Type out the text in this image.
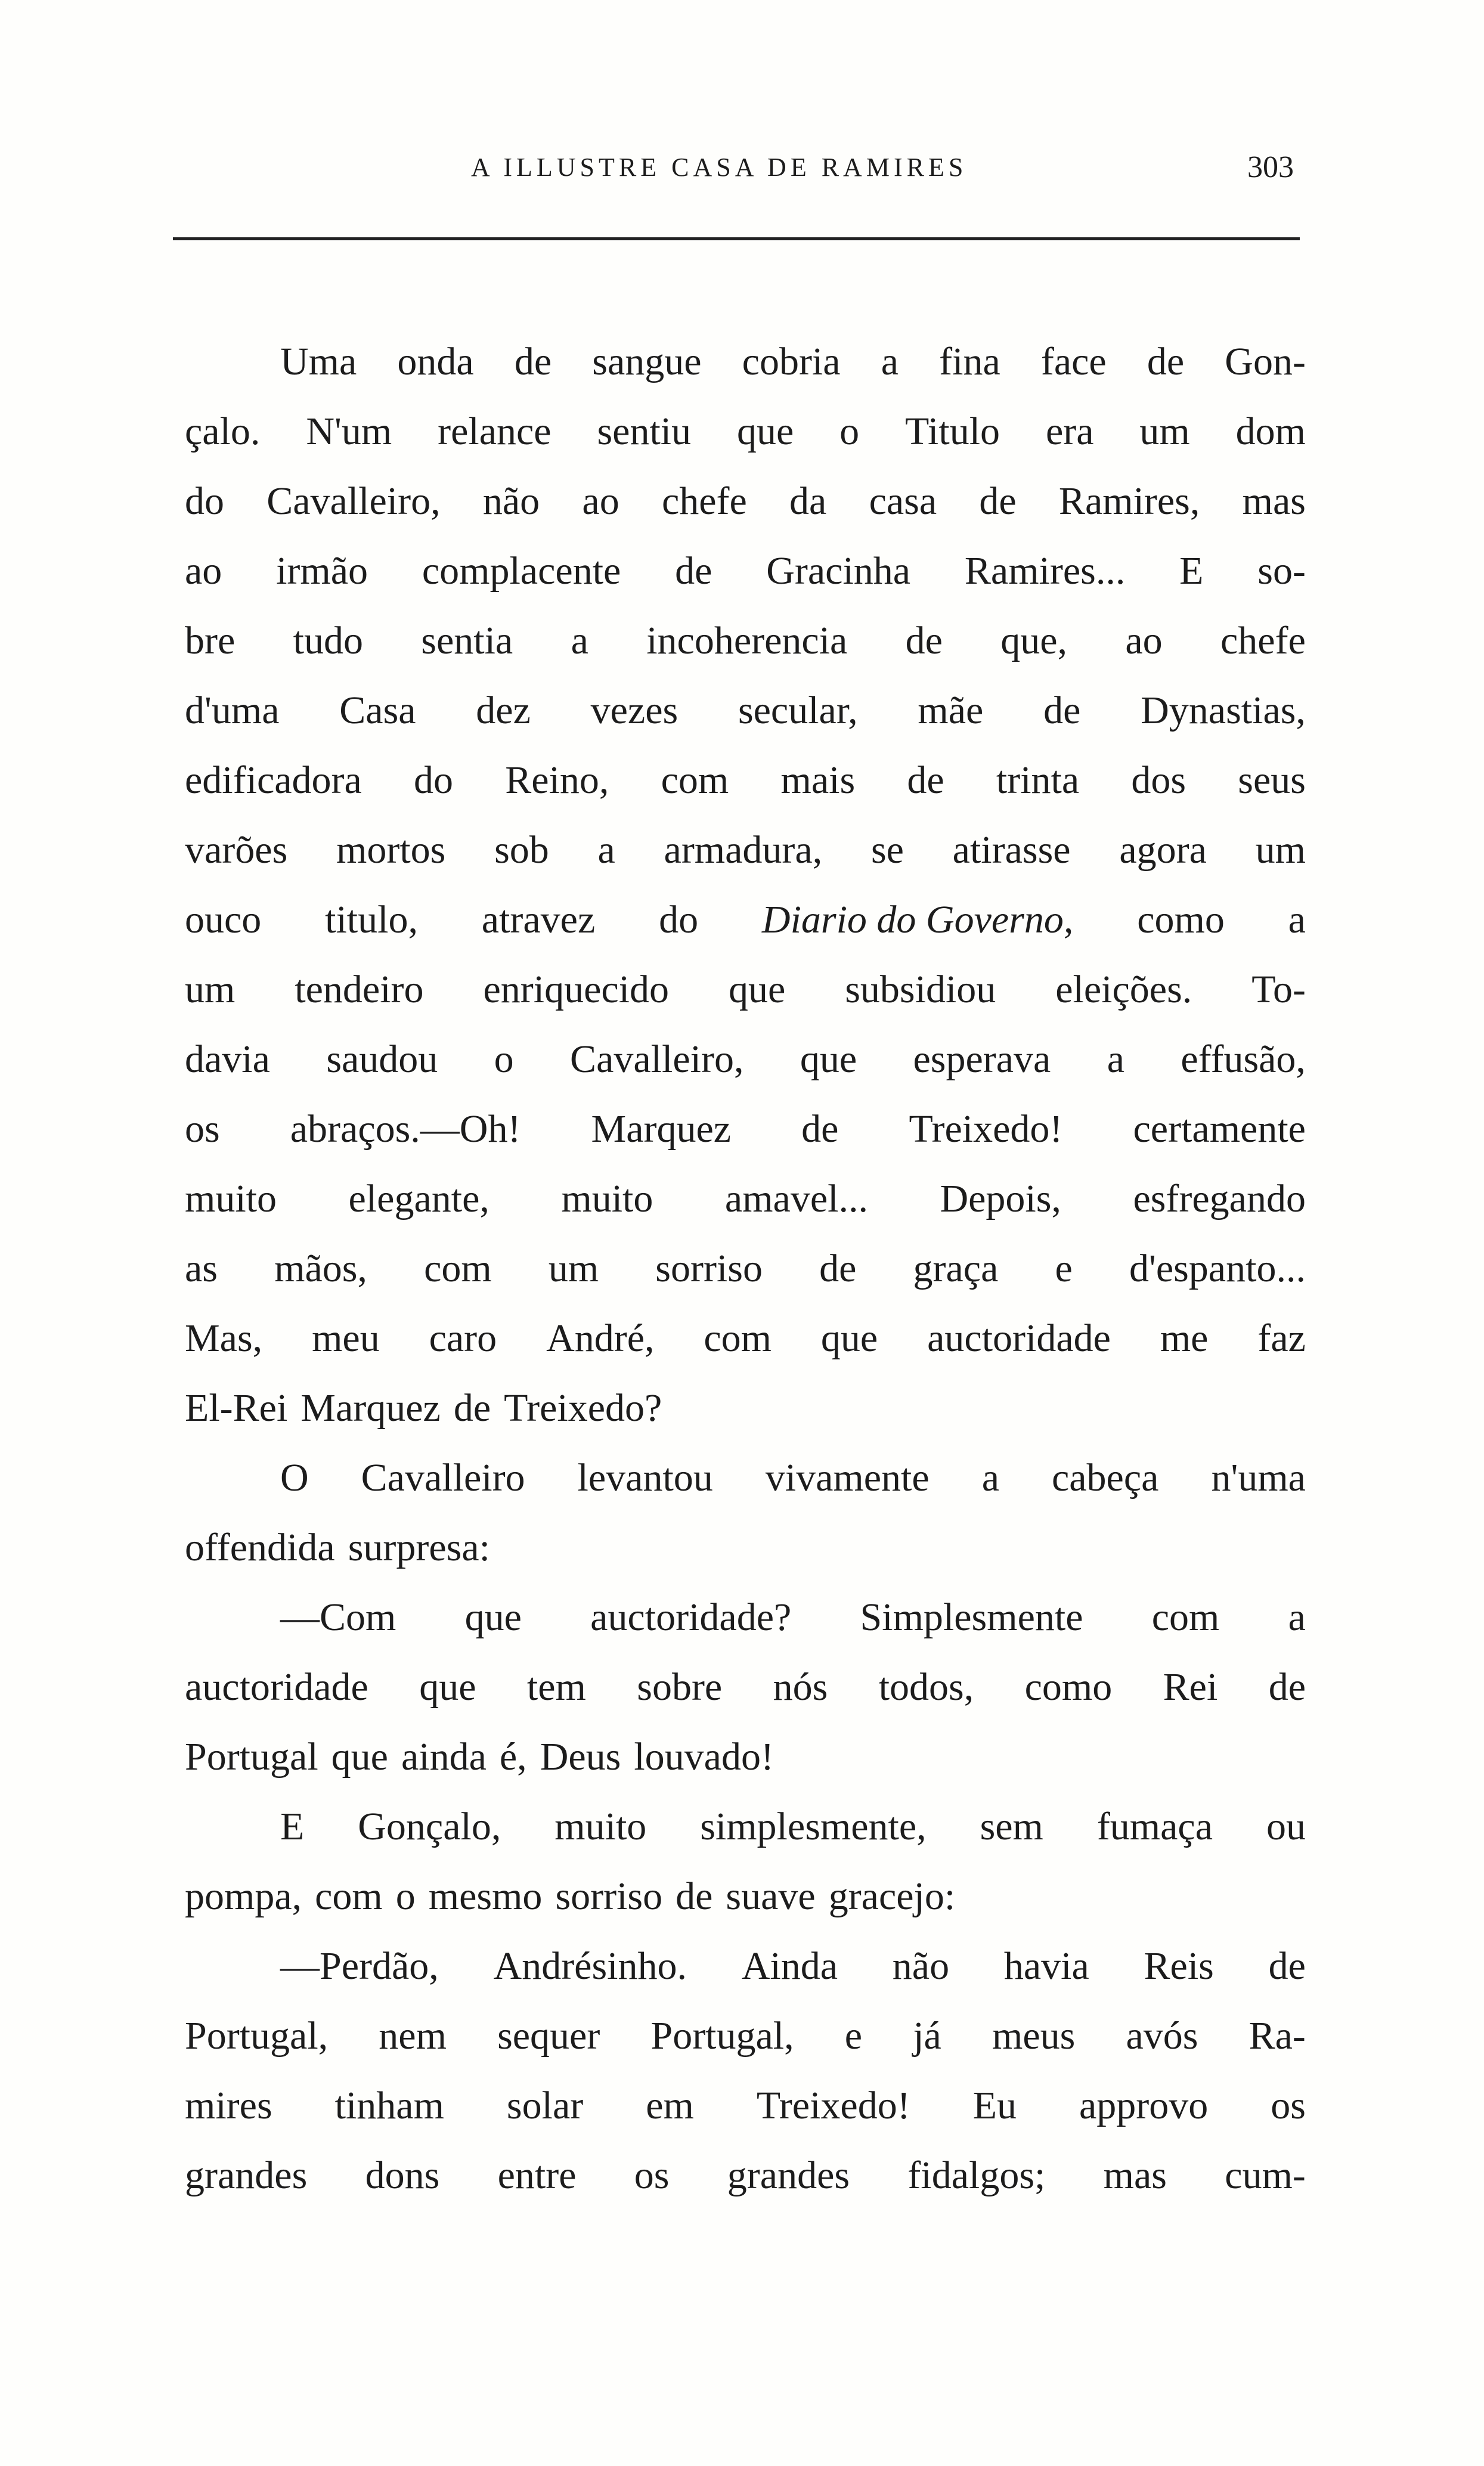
A ILLUSTRE CASA DE RAMIRES	303
Uma onda de sangue cobria a fina face de Gon-
çalo. N'um relance sentiu que o Titulo era um dom
do Cavalleiro, não ao chefe da casa de Ramires, mas
ao irmão complacente de Gracinha Ramires... E so-
bre tudo sentia a incoherencia de que, ao chefe
d'uma Casa dez vezes secular, mãe de Dynastias,
edificadora do Reino, com mais de trinta dos seus
varões mortos sob a armadura, se atirasse agora um
ouco titulo, atravez do Diario do Governo, como a
um tendeiro enriquecido que subsidiou eleições. To-
davia saudou o Cavalleiro, que esperava a effusão,
os abraços.—Oh! Marquez de Treixedo! certamente
muito elegante, muito amavel... Depois, esfregando
as mãos, com um sorriso de graça e d'espanto...
Mas, meu caro André, com que auctoridade me faz
El-Rei Marquez de Treixedo?
O Cavalleiro levantou vivamente a cabeça n'uma
offendida surpresa:
—Com que auctoridade? Simplesmente com a
auctoridade que tem sobre nós todos, como Rei de
Portugal que ainda é, Deus louvado!
E Gonçalo, muito simplesmente, sem fumaça ou
pompa, com o mesmo sorriso de suave gracejo:
—Perdão, Andrésinho. Ainda não havia Reis de
Portugal, nem sequer Portugal, e já meus avós Ra-
mires tinham solar em Treixedo! Eu approvo os
grandes dons entre os grandes fidalgos; mas cum-
